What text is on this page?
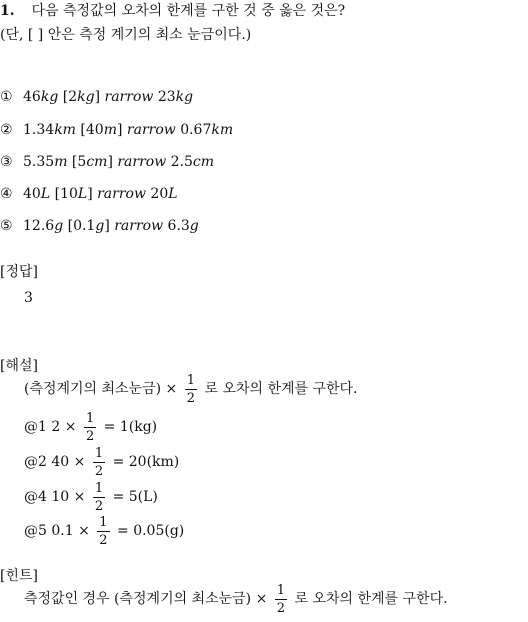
1. 다음 측정값의 오차의 한계를 구한 것 중 옳은 것은?
(단, [ ] 안은 측정 계기의 최소 눈금이다.)
① 46kg [2kg] rarrow 23kg
② 1.34km [40m] rarrow 0.67km
③ 5.35m [5cm] rarrow 2.5cm
④ 40L [10L] rarrow 20L
⑤ 12.6g [0.1g] rarrow 6.3g
[정답]
3
[해설]
(측정계기의 최소눈금) × $\frac{1}{2}$ 로 오차의 한계를 구한다.
@1 $2 \times \frac{1}{2} = 1(kg)$
@2 $40 \times \frac{1}{2} = 20(km)$
@4 $10 \times \frac{1}{2} = 5(L)$
@5 $0.1 \times \frac{1}{2} = 0.05(g)$
[힌트]
측정값인 경우 (측정계기의 최소눈금) × $\frac{1}{2}$ 로 오차의 한계를 구한다.
